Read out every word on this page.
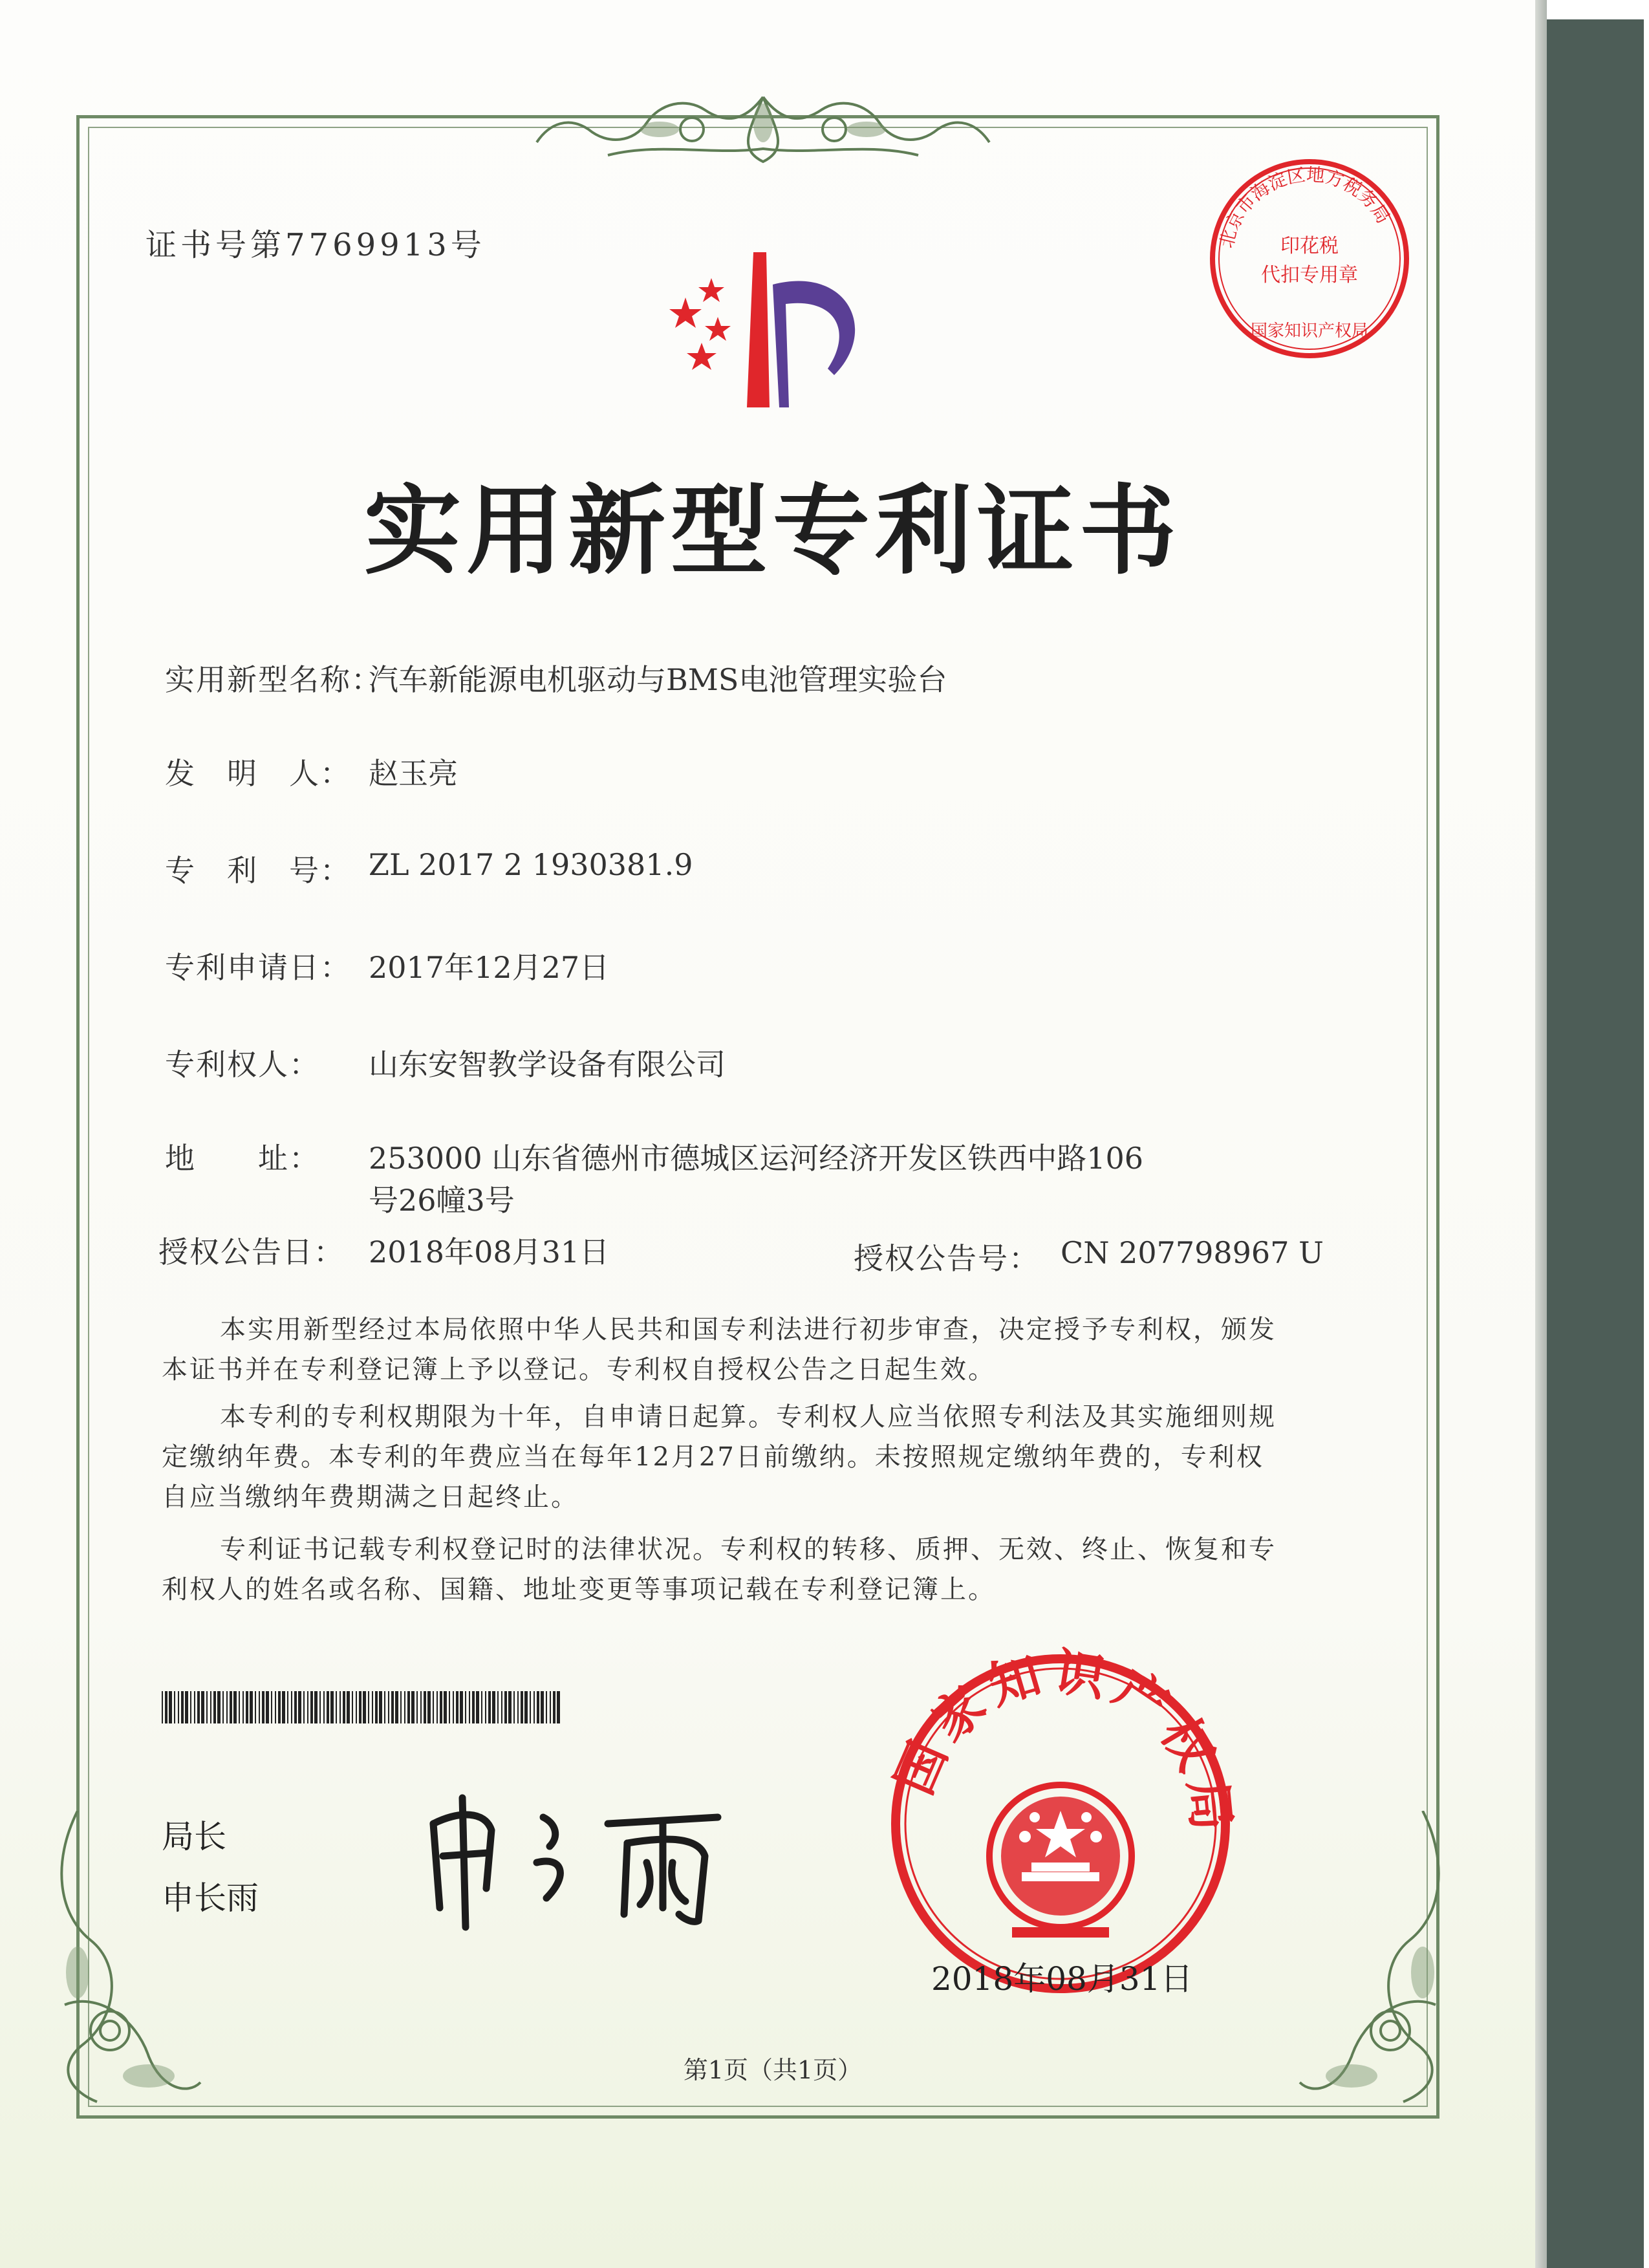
证书号第7769913号	北京市海淀区地方税务局
印花税
代扣专用章
国家知识产权局
实用新型专利证书
实用新型名称：
汽车新能源电机驱动与BMS电池管理实验台
发　明　人： 赵玉亮
专　利　号： ZL 2017 2 1930381.9
专利申请日： 2017年12月27日
专利权人： 山东安智教学设备有限公司
地　　址： 253000 山东省德州市德城区运河经济开发区铁西中路106
号26幢3号
授权公告日： 2018年08月31日	授权公告号： CN 207798967 U
本实用新型经过本局依照中华人民共和国专利法进行初步审查，决定授予专利权，颁发
本证书并在专利登记簿上予以登记。专利权自授权公告之日起生效。
本专利的专利权期限为十年，自申请日起算。专利权人应当依照专利法及其实施细则规
定缴纳年费。本专利的年费应当在每年12月27日前缴纳。未按照规定缴纳年费的，专利权
自应当缴纳年费期满之日起终止。
专利证书记载专利权登记时的法律状况。专利权的转移、质押、无效、终止、恢复和专
利权人的姓名或名称、国籍、地址变更等事项记载在专利登记簿上。
局长
申长雨
国家知识产权局
2018年08月31日
第1页（共1页）
